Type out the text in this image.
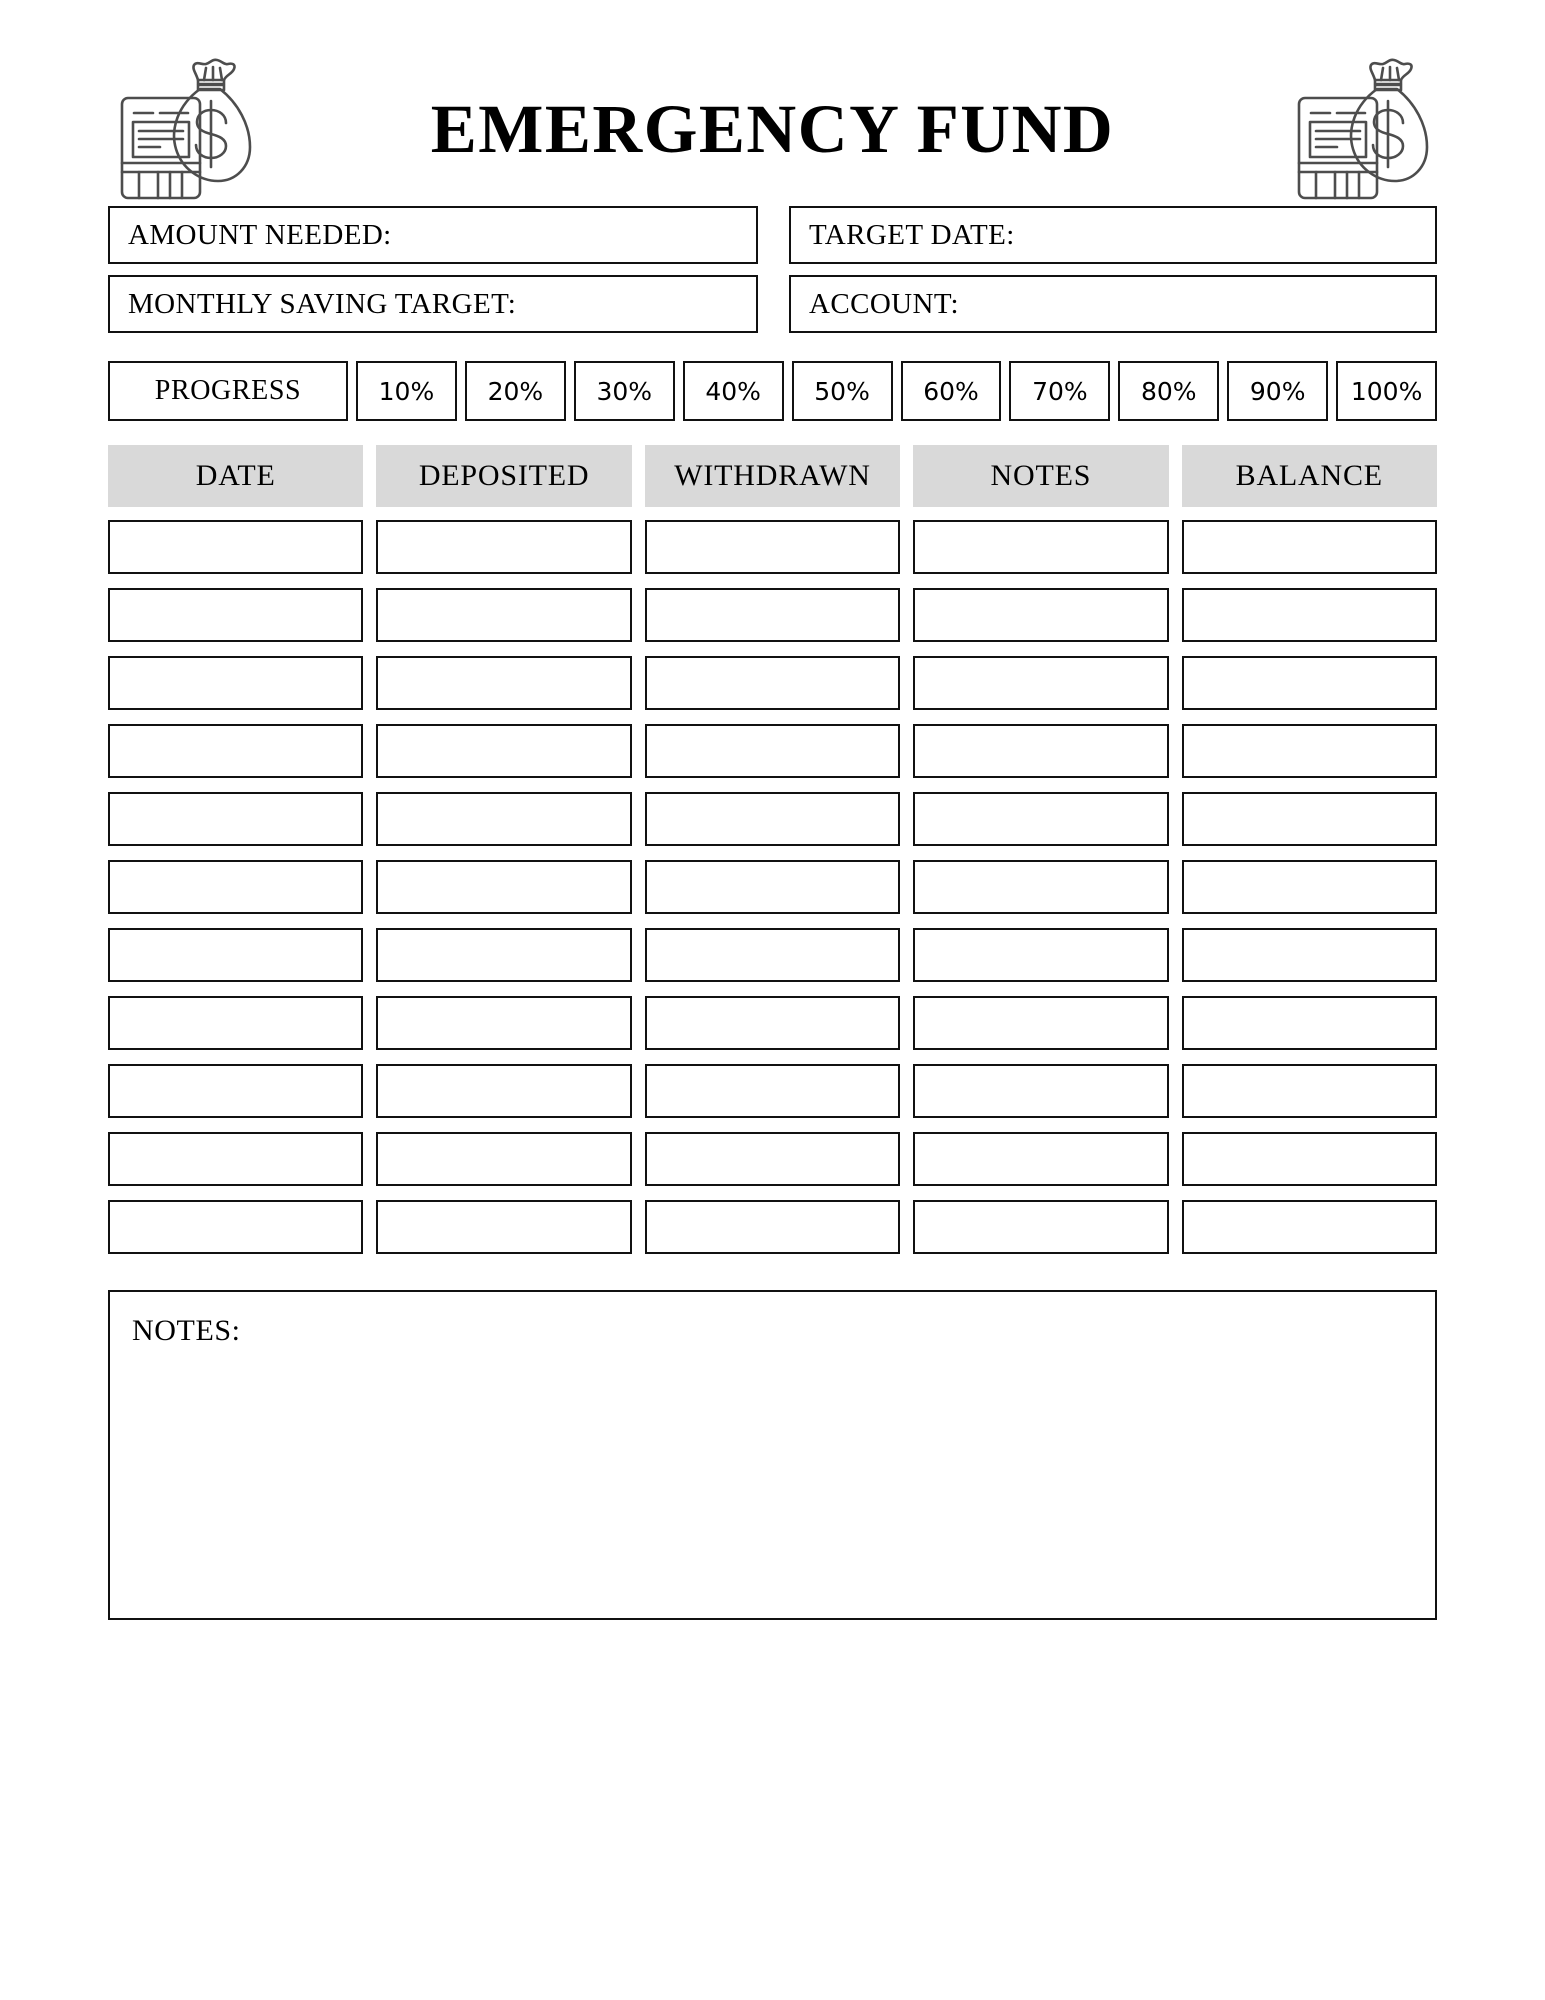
EMERGENCY FUND
AMOUNT NEEDED:	TARGET DATE:
MONTHLY SAVING TARGET:	ACCOUNT:
PROGRESS	10%	20%	30%	40%	50%	60%	70%	80%	90%	100%
DATE	DEPOSITED	WITHDRAWN	NOTES	BALANCE
NOTES:
